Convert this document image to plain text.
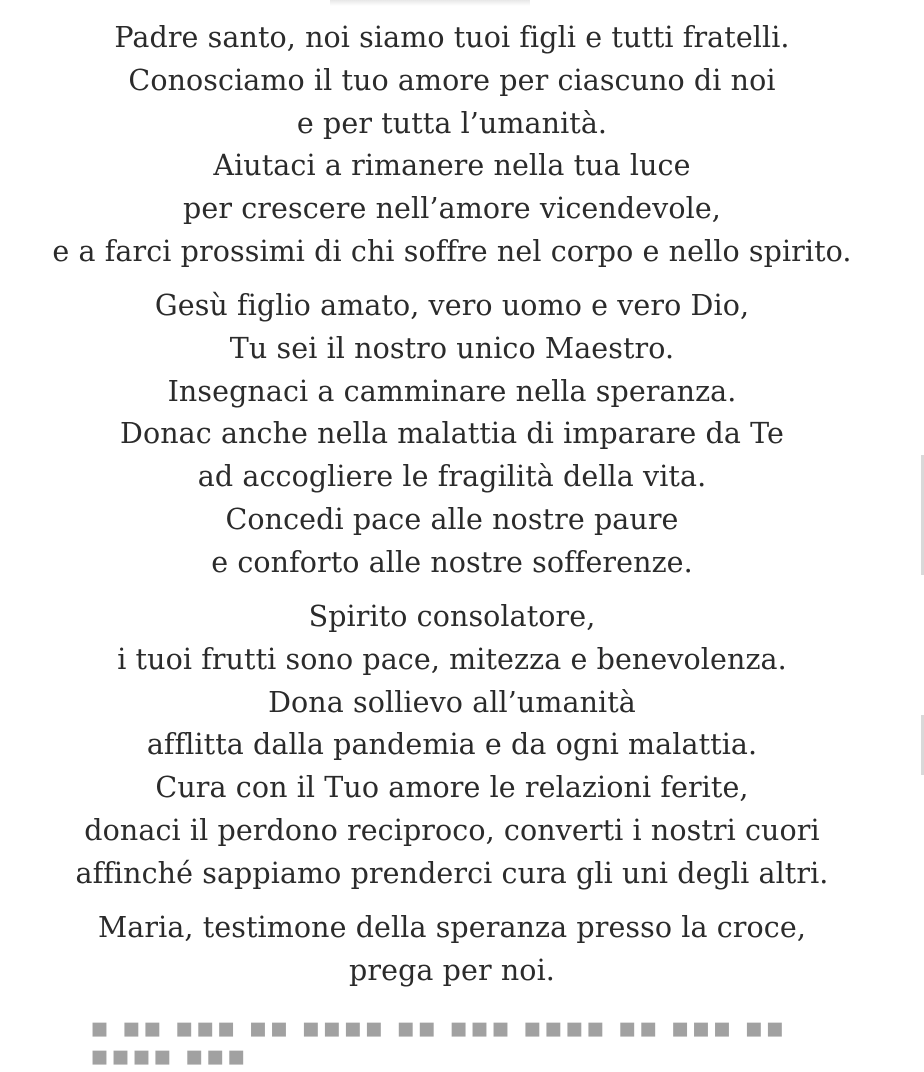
Padre santo, noi siamo tuoi figli e tutti fratelli.
Conosciamo il tuo amore per ciascuno di noi
e per tutta l’umanità.
Aiutaci a rimanere nella tua luce
per crescere nell’amore vicendevole,
e a farci prossimi di chi soffre nel corpo e nello spirito.
Gesù figlio amato, vero uomo e vero Dio,
Tu sei il nostro unico Maestro.
Insegnaci a camminare nella speranza.
Donac anche nella malattia di imparare da Te
ad accogliere le fragilità della vita.
Concedi pace alle nostre paure
e conforto alle nostre sofferenze.
Spirito consolatore,
i tuoi frutti sono pace, mitezza e benevolenza.
Dona sollievo all’umanità
afflitta dalla pandemia e da ogni malattia.
Cura con il Tuo amore le relazioni ferite,
donaci il perdono reciproco, converti i nostri cuori
affinché sappiamo prenderci cura gli uni degli altri.
Maria, testimone della speranza presso la croce,
prega per noi.
▪ ▪▪ ▪▪▪ ▪▪ ▪▪▪▪ ▪▪ ▪▪▪ ▪▪▪▪ ▪▪ ▪▪▪ ▪▪ ▪▪▪▪ ▪▪▪
